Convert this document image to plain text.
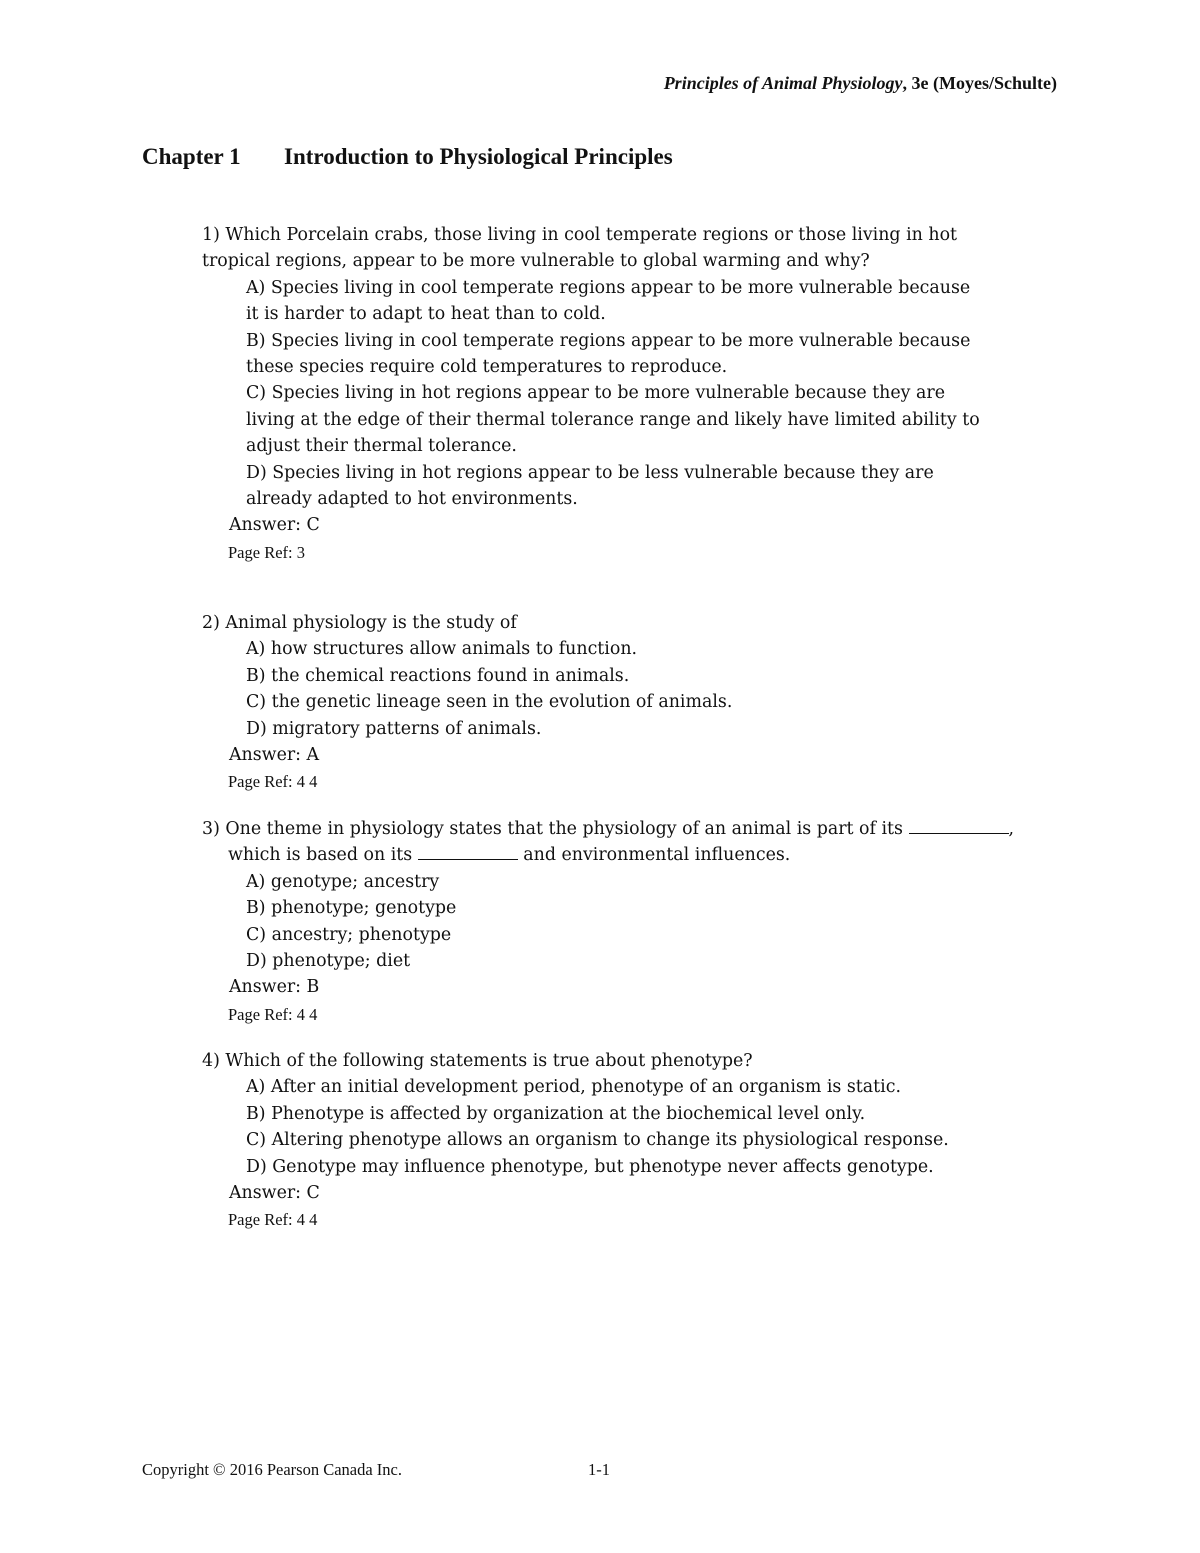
Principles of Animal Physiology, 3e (Moyes/Schulte)
Chapter 1 Introduction to Physiological Principles

1) Which Porcelain crabs, those living in cool temperate regions or those living in hot tropical regions, appear to be more vulnerable to global warming and why?

A) Species living in cool temperate regions appear to be more vulnerable because it is harder to adapt to heat than to cold.

B) Species living in cool temperate regions appear to be more vulnerable because these species require cold temperatures to reproduce.

C) Species living in hot regions appear to be more vulnerable because they are living at the edge of their thermal tolerance range and likely have limited ability to adjust their thermal tolerance.

D) Species living in hot regions appear to be less vulnerable because they are already adapted to hot environments.

Answer: C

Page Ref: 3

2) Animal physiology is the study of

A) how structures allow animals to function.

B) the chemical reactions found in animals.

C) the genetic lineage seen in the evolution of animals.

D) migratory patterns of animals.

Answer: A

Page Ref: 4 4

3) One theme in physiology states that the physiology of an animal is part of its	, which is based on its	and environmental influences.

A) genotype; ancestry

B) phenotype; genotype

C) ancestry; phenotype

D) phenotype; diet

Answer: B

Page Ref: 4 4

4) Which of the following statements is true about phenotype?

A) After an initial development period, phenotype of an organism is static.

B) Phenotype is affected by organization at the biochemical level only.

C) Altering phenotype allows an organism to change its physiological response.

D) Genotype may influence phenotype, but phenotype never affects genotype.

Answer: C

Page Ref: 4 4

Copyright © 2016 Pearson Canada Inc.	1-1
